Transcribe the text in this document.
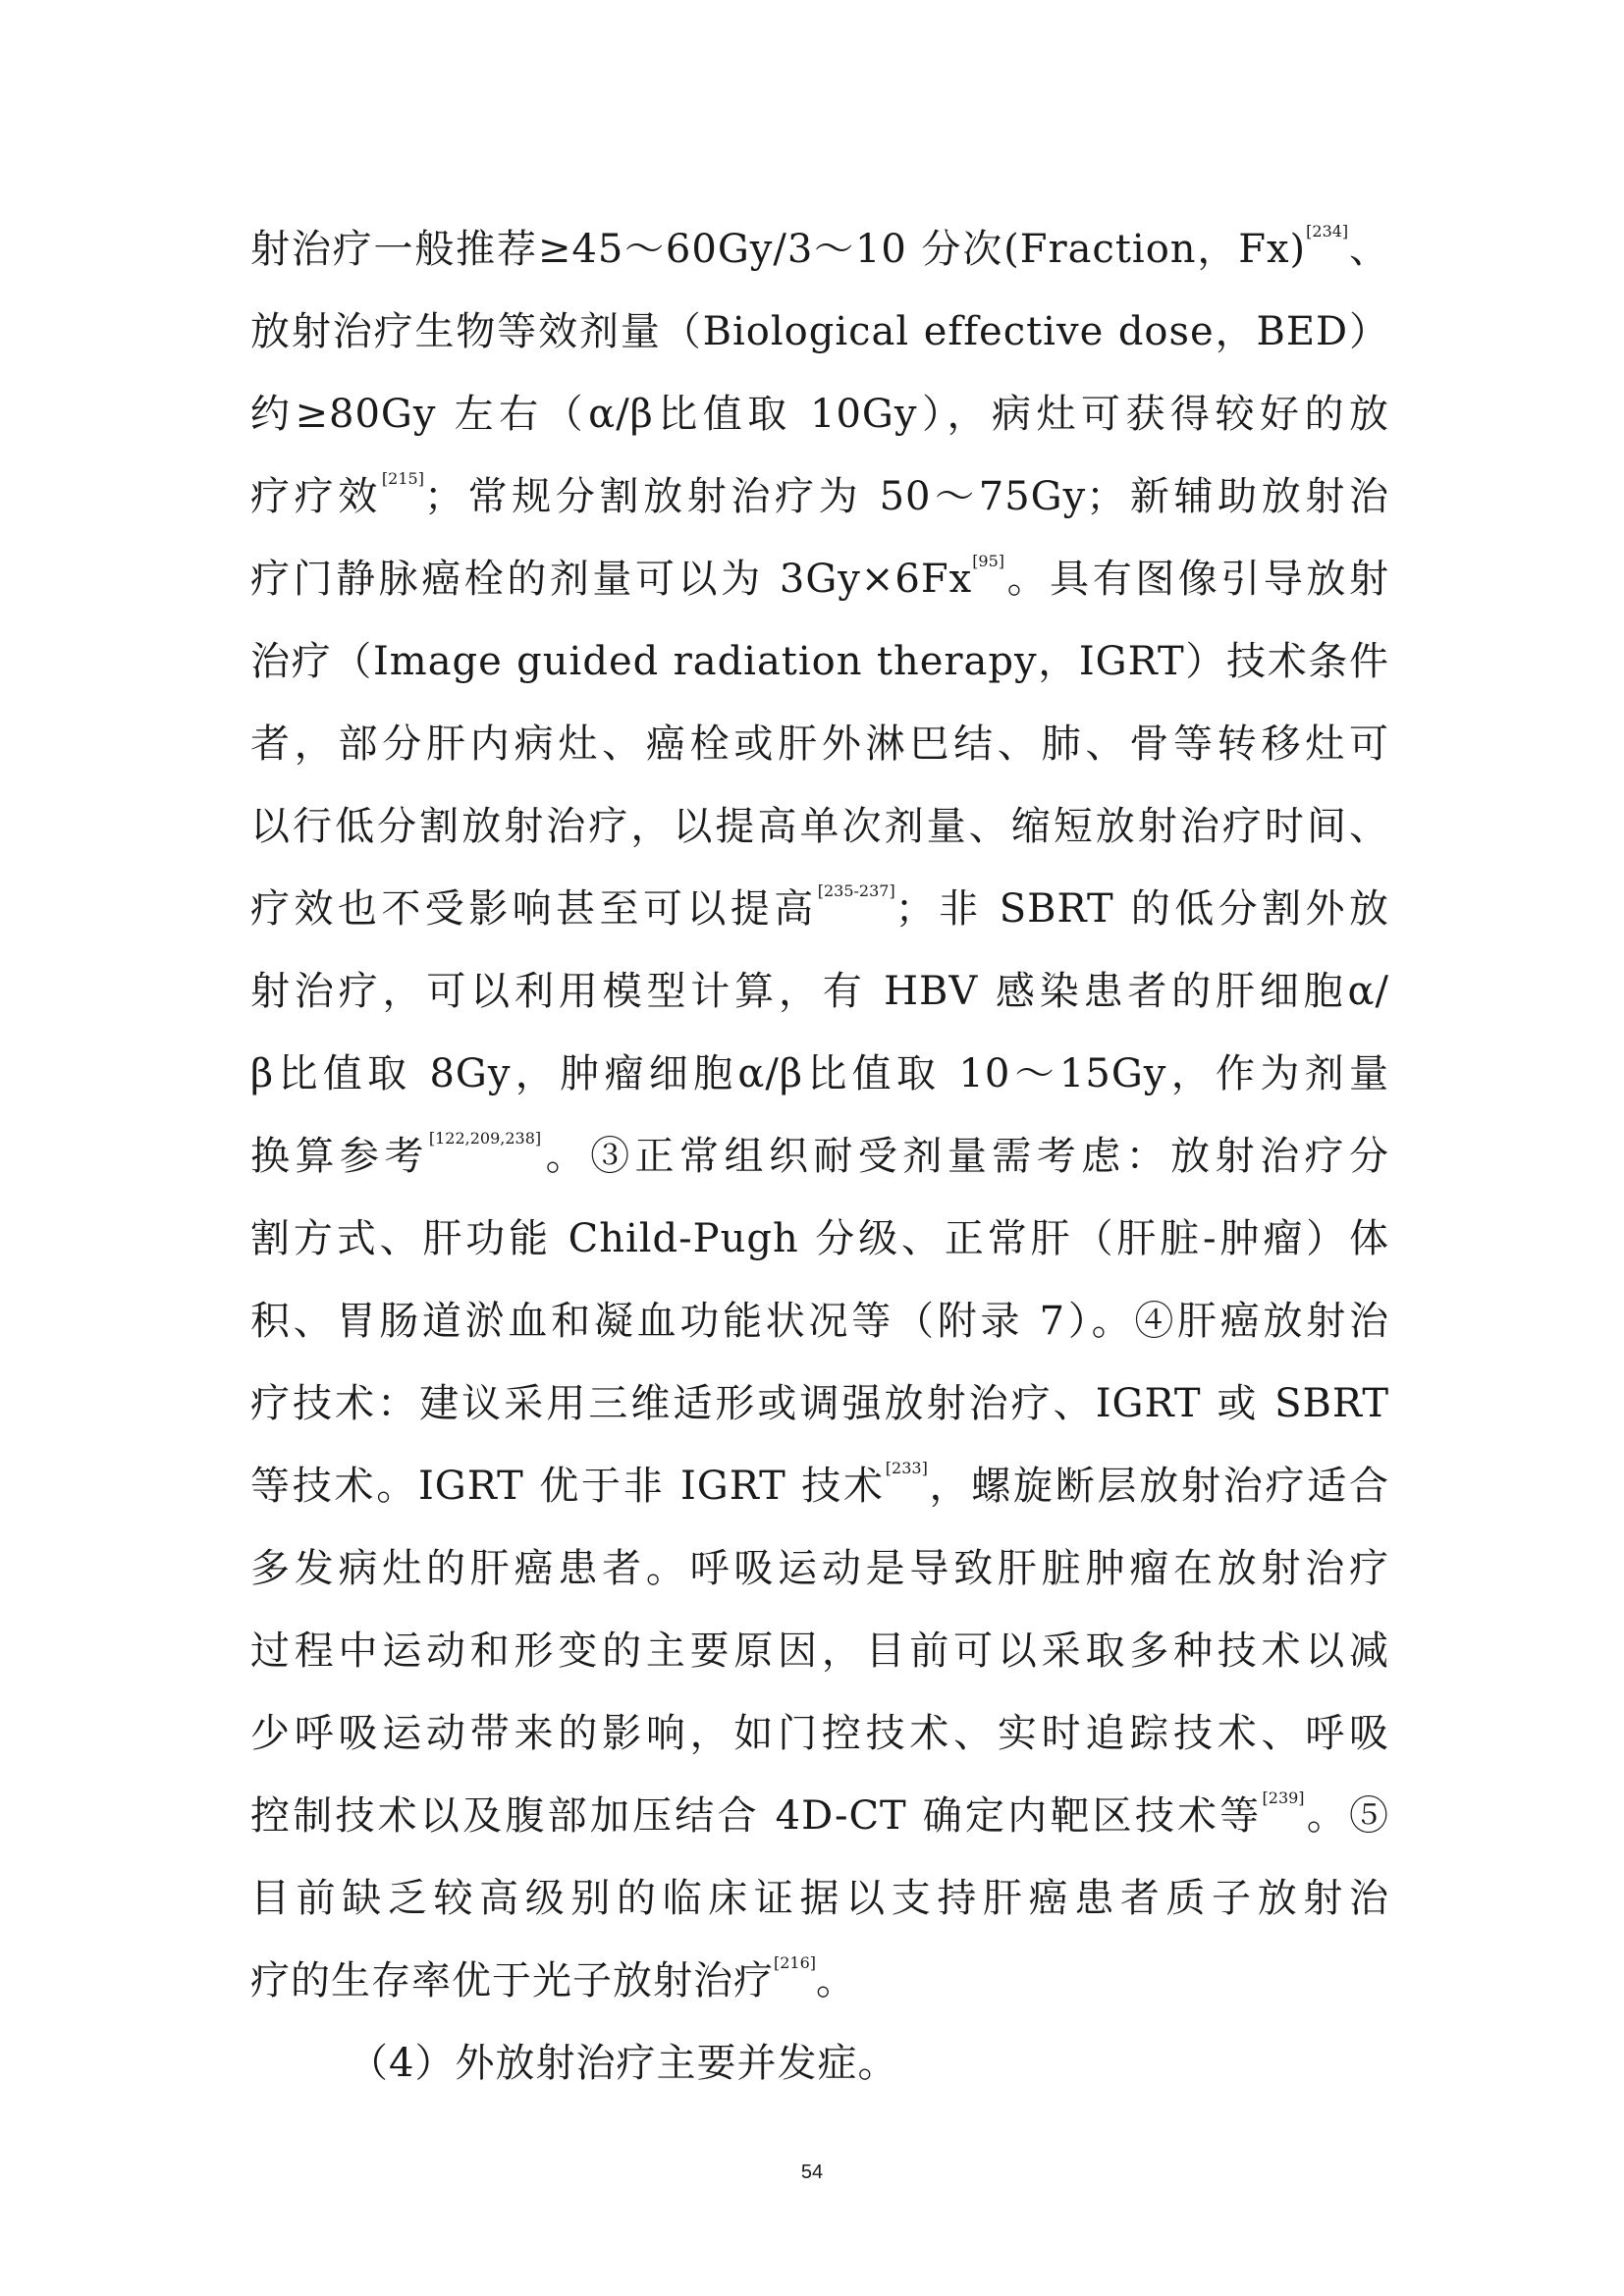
射治疗一般推荐≥45～60Gy/3～10 分次(Fraction，Fx)[234]、
放射治疗生物等效剂量（Biological effective dose，BED）
约≥80Gy 左右（α/β比值取 10Gy），病灶可获得较好的放
疗疗效[215]；常规分割放射治疗为 50～75Gy；新辅助放射治
疗门静脉癌栓的剂量可以为 3Gy×6Fx[95]。具有图像引导放射
治疗（Image guided radiation therapy，IGRT）技术条件
者，部分肝内病灶、癌栓或肝外淋巴结、肺、骨等转移灶可
以行低分割放射治疗，以提高单次剂量、缩短放射治疗时间、
疗效也不受影响甚至可以提高[235-237]；非 SBRT 的低分割外放
射治疗，可以利用模型计算，有 HBV 感染患者的肝细胞α/
β比值取 8Gy，肿瘤细胞α/β比值取 10～15Gy，作为剂量
换算参考[122,209,238]。③正常组织耐受剂量需考虑：放射治疗分
割方式、肝功能 Child-Pugh 分级、正常肝（肝脏-肿瘤）体
积、胃肠道淤血和凝血功能状况等（附录 7）。④肝癌放射治
疗技术：建议采用三维适形或调强放射治疗、IGRT 或 SBRT
等技术。IGRT 优于非 IGRT 技术[233]，螺旋断层放射治疗适合
多发病灶的肝癌患者。呼吸运动是导致肝脏肿瘤在放射治疗
过程中运动和形变的主要原因，目前可以采取多种技术以减
少呼吸运动带来的影响，如门控技术、实时追踪技术、呼吸
控制技术以及腹部加压结合 4D-CT 确定内靶区技术等[239]。⑤
目前缺乏较高级别的临床证据以支持肝癌患者质子放射治
疗的生存率优于光子放射治疗[216]。
（4）外放射治疗主要并发症。
54
